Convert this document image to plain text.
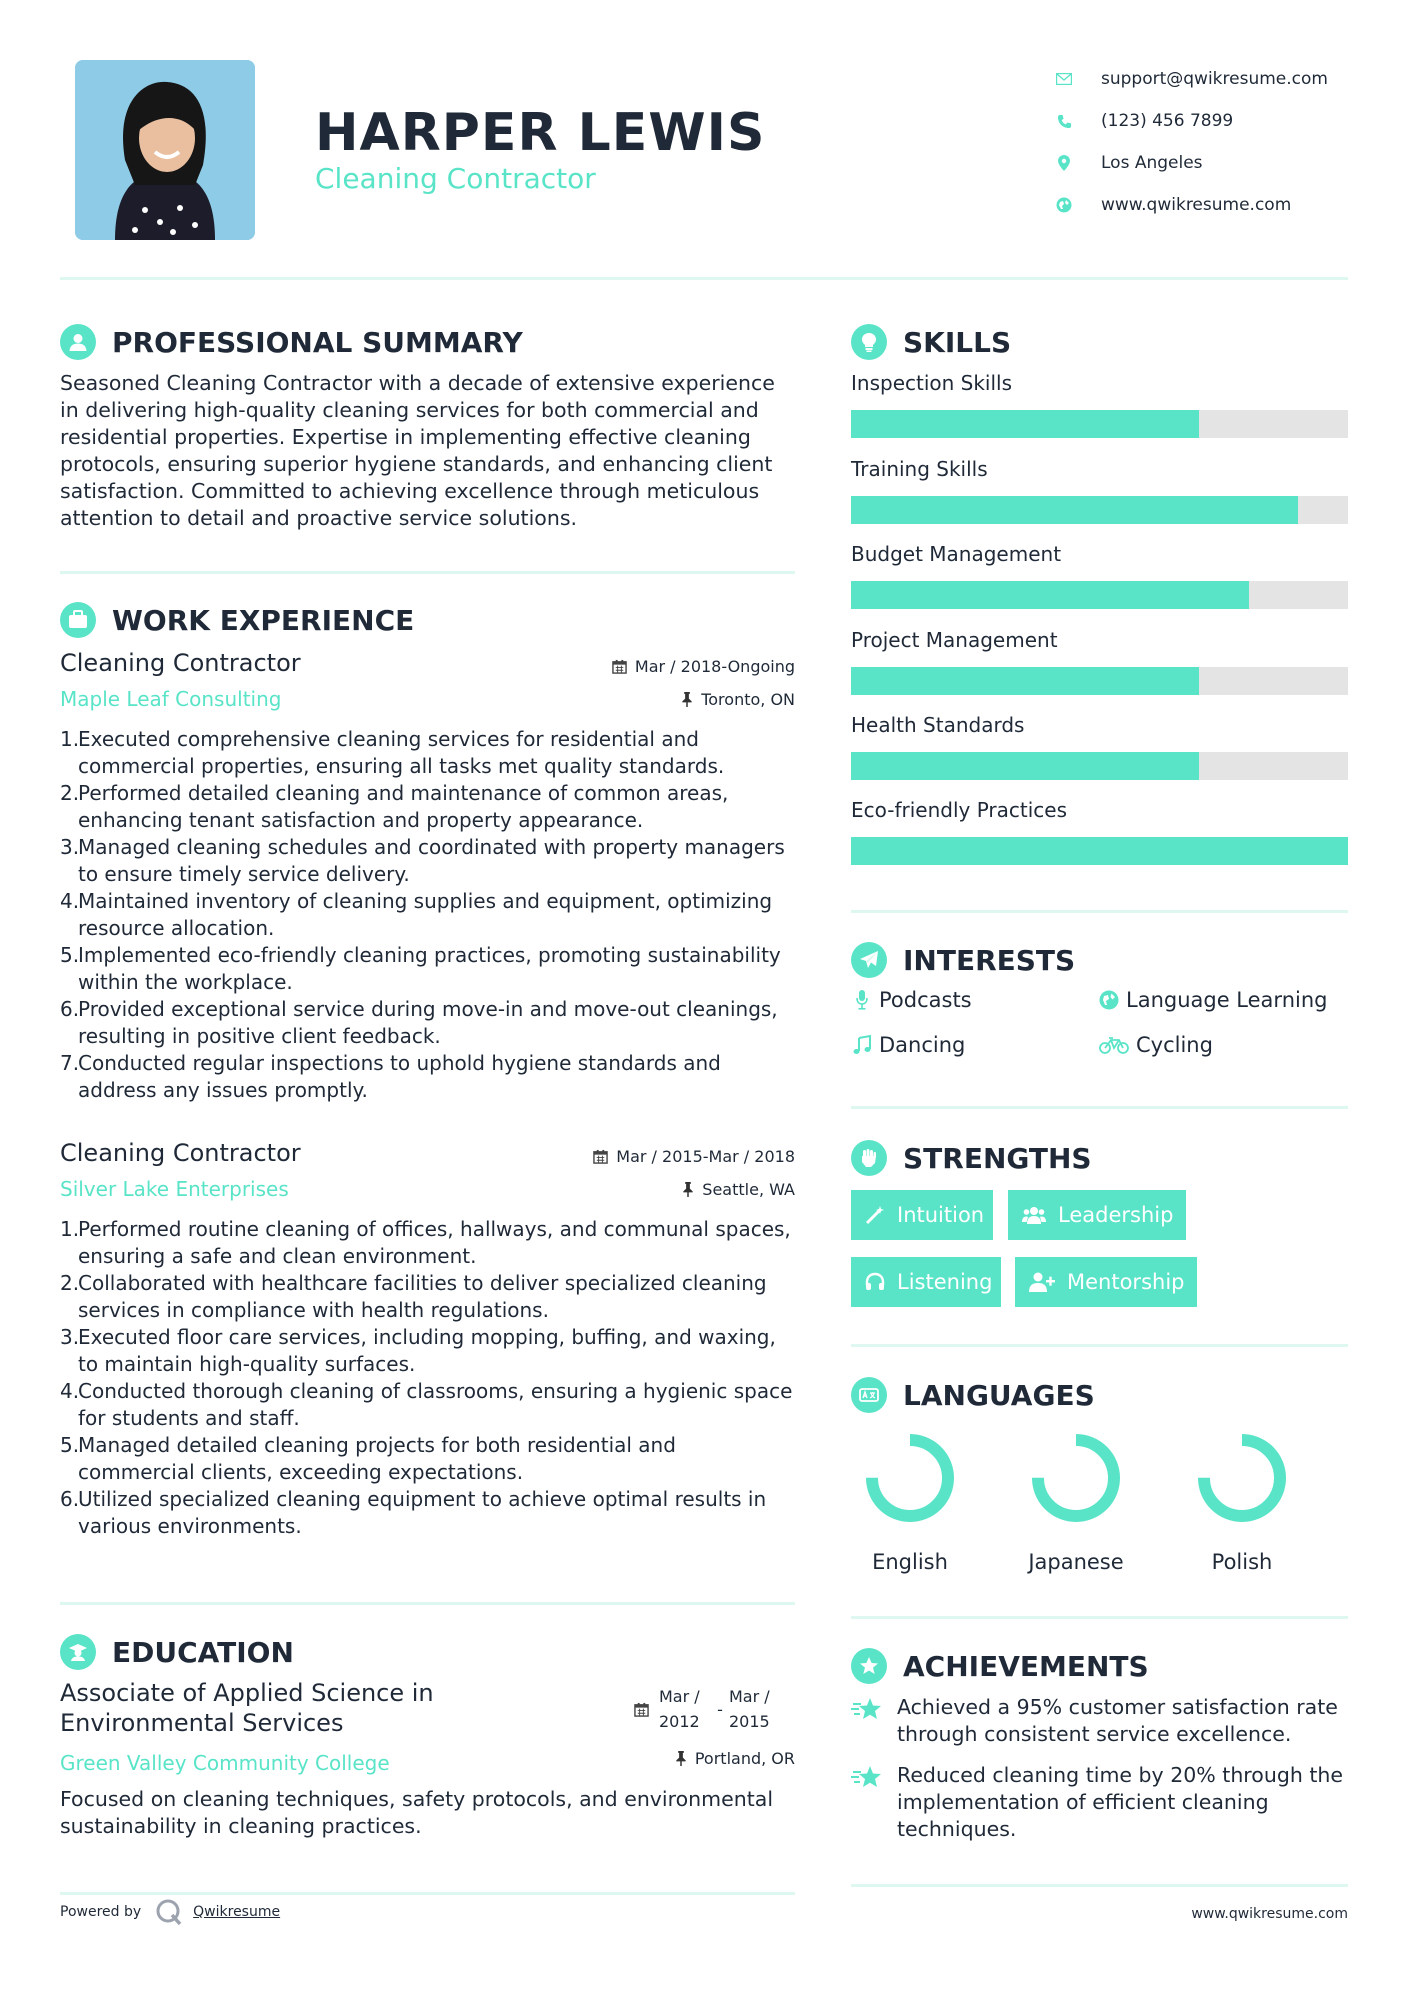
HARPER LEWIS
Cleaning Contractor
support@qwikresume.com
(123) 456 7899
Los Angeles
www.qwikresume.com
PROFESSIONAL SUMMARY
Seasoned Cleaning Contractor with a decade of extensive experience in delivering high-quality cleaning services for both commercial and residential properties. Expertise in implementing effective cleaning protocols, ensuring superior hygiene standards, and enhancing client satisfaction. Committed to achieving excellence through meticulous attention to detail and proactive service solutions.
WORK EXPERIENCE
Cleaning Contractor	Mar / 2018-Ongoing
Maple Leaf Consulting	Toronto, ON
1.
Executed comprehensive cleaning services for residential and commercial properties, ensuring all tasks met quality standards.
2.
Performed detailed cleaning and maintenance of common areas, enhancing tenant satisfaction and property appearance.
3.
Managed cleaning schedules and coordinated with property managers to ensure timely service delivery.
4.
Maintained inventory of cleaning supplies and equipment, optimizing resource allocation.
5.
Implemented eco-friendly cleaning practices, promoting sustainability within the workplace.
6.
Provided exceptional service during move-in and move-out cleanings, resulting in positive client feedback.
7.
Conducted regular inspections to uphold hygiene standards and address any issues promptly.
Cleaning Contractor	Mar / 2015-Mar / 2018
Silver Lake Enterprises	Seattle, WA
1.
Performed routine cleaning of offices, hallways, and communal spaces, ensuring a safe and clean environment.
2.
Collaborated with healthcare facilities to deliver specialized cleaning services in compliance with health regulations.
3.
Executed floor care services, including mopping, buffing, and waxing, to maintain high-quality surfaces.
4.
Conducted thorough cleaning of classrooms, ensuring a hygienic space for students and staff.
5.
Managed detailed cleaning projects for both residential and commercial clients, exceeding expectations.
6.
Utilized specialized cleaning equipment to achieve optimal results in various environments.
EDUCATION
Associate of Applied Science in
Environmental Services
Mar /
2012
-
Mar /
2015
Green Valley Community College	Portland, OR
Focused on cleaning techniques, safety protocols, and environmental sustainability in cleaning practices.
SKILLS
Inspection Skills
Training Skills
Budget Management
Project Management
Health Standards
Eco-friendly Practices
INTERESTS
Podcasts	Language Learning
Dancing	Cycling
STRENGTHS
Intuition	Leadership
Listening	Mentorship
LANGUAGES
English	Japanese	Polish
ACHIEVEMENTS
Achieved a 95% customer satisfaction rate through consistent service excellence.
Reduced cleaning time by 20% through the implementation of efficient cleaning techniques.
Powered by	Qwikresume	www.qwikresume.com
